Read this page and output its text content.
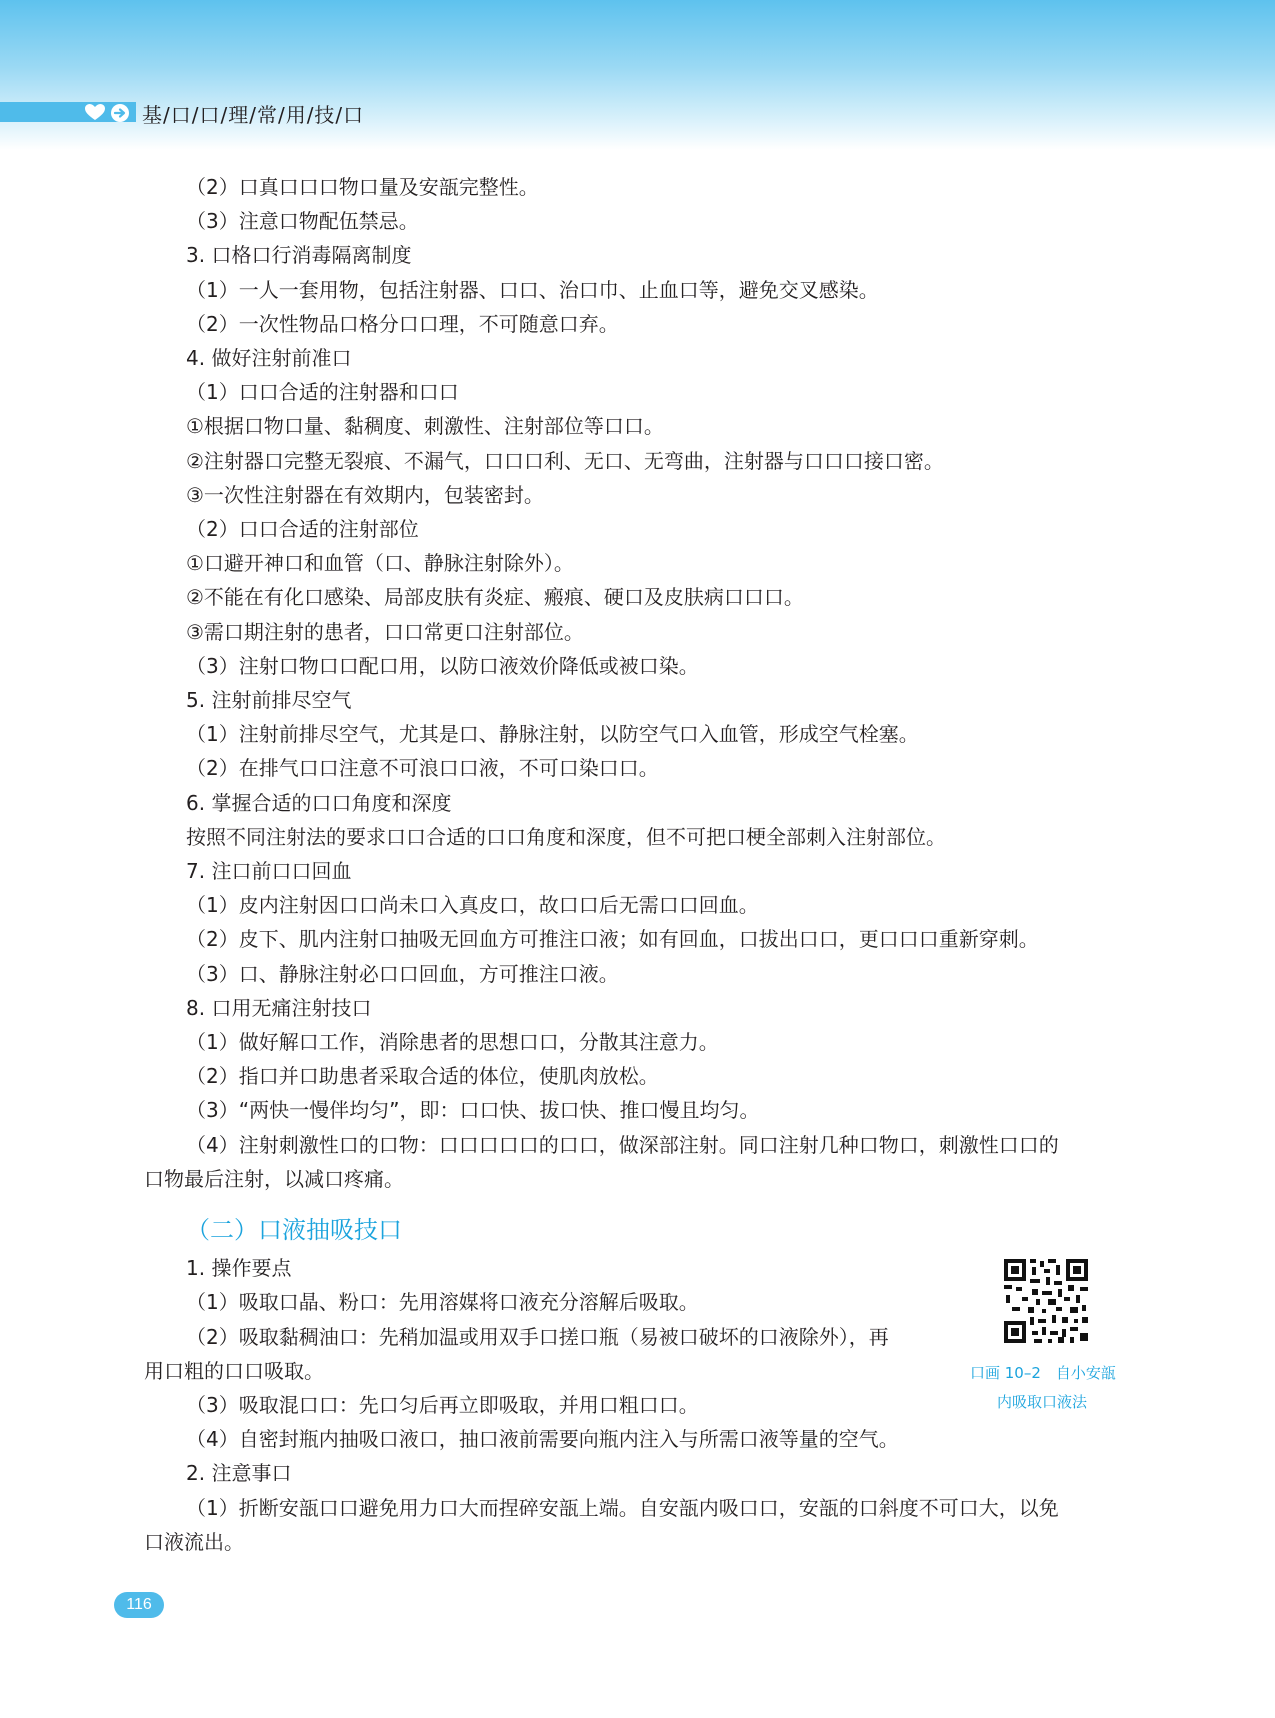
基/口/口/理/常/用/技/口
（2）口真口口口物口量及安瓿完整性。
（3）注意口物配伍禁忌。
3. 口格口行消毒隔离制度
（1）一人一套用物，包括注射器、口口、治口巾、止血口等，避免交叉感染。
（2）一次性物品口格分口口理，不可随意口弃。
4. 做好注射前准口
（1）口口合适的注射器和口口
①根据口物口量、黏稠度、刺激性、注射部位等口口。
②注射器口完整无裂痕、不漏气，口口口利、无口、无弯曲，注射器与口口口接口密。
③一次性注射器在有效期内，包装密封。
（2）口口合适的注射部位
①口避开神口和血管（口、静脉注射除外）。
②不能在有化口感染、局部皮肤有炎症、瘢痕、硬口及皮肤病口口口。
③需口期注射的患者，口口常更口注射部位。
（3）注射口物口口配口用，以防口液效价降低或被口染。
5. 注射前排尽空气
（1）注射前排尽空气，尤其是口、静脉注射，以防空气口入血管，形成空气栓塞。
（2）在排气口口注意不可浪口口液，不可口染口口。
6. 掌握合适的口口角度和深度
按照不同注射法的要求口口合适的口口角度和深度，但不可把口梗全部刺入注射部位。
7. 注口前口口回血
（1）皮内注射因口口尚未口入真皮口，故口口后无需口口回血。
（2）皮下、肌内注射口抽吸无回血方可推注口液；如有回血，口拔出口口，更口口口重新穿刺。
（3）口、静脉注射必口口回血，方可推注口液。
8. 口用无痛注射技口
（1）做好解口工作，消除患者的思想口口，分散其注意力。
（2）指口并口助患者采取合适的体位，使肌肉放松。
（3）“两快一慢伴均匀”，即：口口快、拔口快、推口慢且均匀。
（4）注射刺激性口的口物：口口口口口的口口，做深部注射。同口注射几种口物口，刺激性口口的
口物最后注射，以减口疼痛。
（二）口液抽吸技口
1. 操作要点
（1）吸取口晶、粉口：先用溶媒将口液充分溶解后吸取。
（2）吸取黏稠油口：先稍加温或用双手口搓口瓶（易被口破坏的口液除外），再
用口粗的口口吸取。
（3）吸取混口口：先口匀后再立即吸取，并用口粗口口。
（4）自密封瓶内抽吸口液口，抽口液前需要向瓶内注入与所需口液等量的空气。
2. 注意事口
（1）折断安瓿口口避免用力口大而捏碎安瓿上端。自安瓿内吸口口，安瓿的口斜度不可口大，以免
口液流出。
口画 10–2　自小安瓿
内吸取口液法
116
